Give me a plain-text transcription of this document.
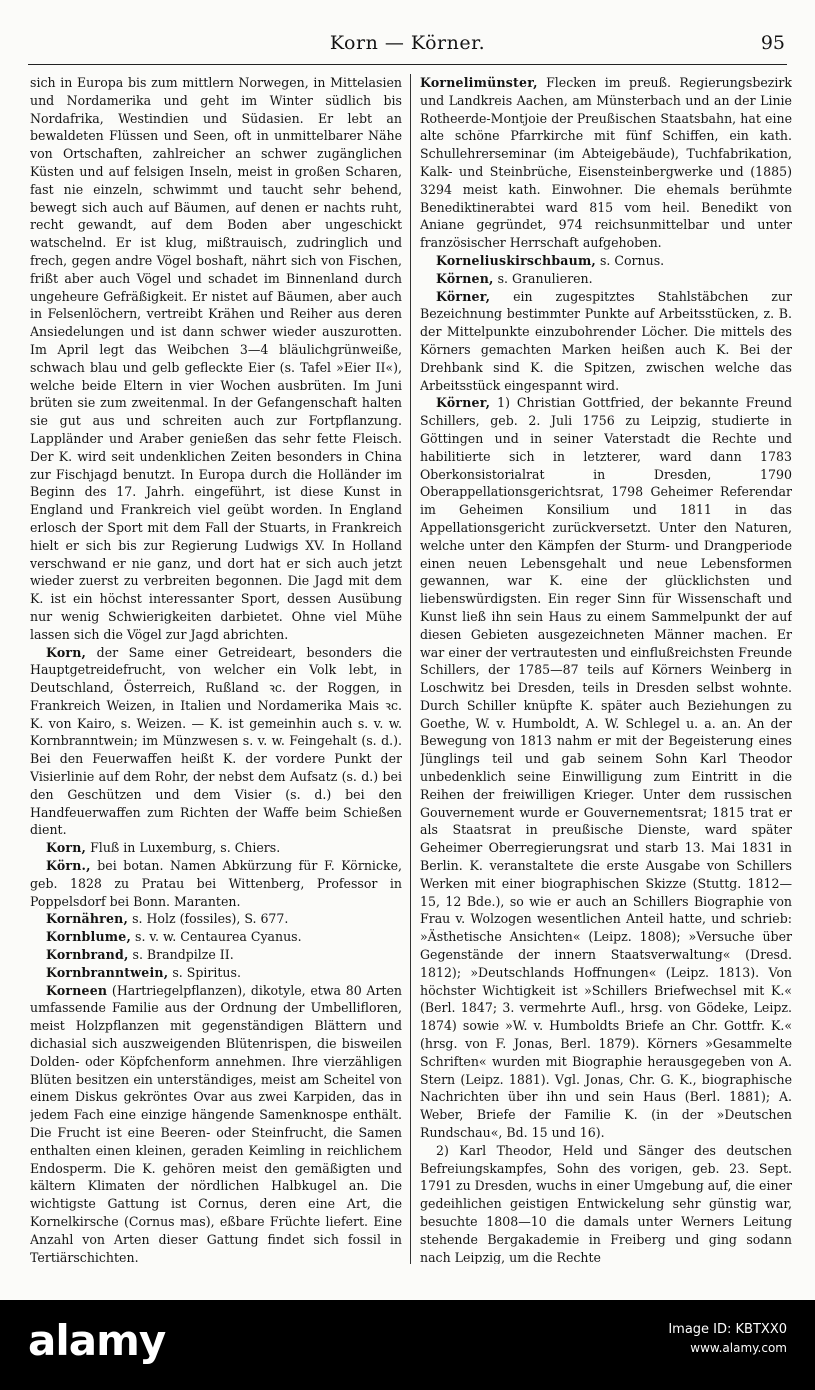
Korn — Körner.	95

sich in Europa bis zum mittlern Norwegen, in Mittelasien und Nordamerika und geht im Winter südlich bis Nordafrika, Westindien und Südasien. Er lebt an bewaldeten Flüssen und Seen, oft in unmittelbarer Nähe von Ortschaften, zahlreicher an schwer zugänglichen Küsten und auf felsigen Inseln, meist in großen Scharen, fast nie einzeln, schwimmt und taucht sehr behend, bewegt sich auch auf Bäumen, auf denen er nachts ruht, recht gewandt, auf dem Boden aber ungeschickt watschelnd. Er ist klug, mißtrauisch, zudringlich und frech, gegen andre Vögel boshaft, nährt sich von Fischen, frißt aber auch Vögel und schadet im Binnenland durch ungeheure Gefräßigkeit. Er nistet auf Bäumen, aber auch in Felsenlöchern, vertreibt Krähen und Reiher aus deren Ansiedelungen und ist dann schwer wieder auszurotten. Im April legt das Weibchen 3—4 bläulichgrünweiße, schwach blau und gelb gefleckte Eier (s. Tafel »Eier II«), welche beide Eltern in vier Wochen ausbrüten. Im Juni brüten sie zum zweitenmal. In der Gefangenschaft halten sie gut aus und schreiten auch zur Fortpflanzung. Lappländer und Araber genießen das sehr fette Fleisch. Der K. wird seit undenklichen Zeiten besonders in China zur Fischjagd benutzt. In Europa durch die Holländer im Beginn des 17. Jahrh. eingeführt, ist diese Kunst in England und Frankreich viel geübt worden. In England erlosch der Sport mit dem Fall der Stuarts, in Frankreich hielt er sich bis zur Regierung Ludwigs XV. In Holland verschwand er nie ganz, und dort hat er sich auch jetzt wieder zuerst zu verbreiten begonnen. Die Jagd mit dem K. ist ein höchst interessanter Sport, dessen Ausübung nur wenig Schwierigkeiten darbietet. Ohne viel Mühe lassen sich die Vögel zur Jagd abrichten.

Korn, der Same einer Getreideart, besonders die Hauptgetreidefrucht, von welcher ein Volk lebt, in Deutschland, Österreich, Rußland ꝛc. der Roggen, in Frankreich Weizen, in Italien und Nordamerika Mais ꝛc. K. von Kairo, s. Weizen. — K. ist gemeinhin auch s. v. w. Kornbranntwein; im Münzwesen s. v. w. Feingehalt (s. d.). Bei den Feuerwaffen heißt K. der vordere Punkt der Visierlinie auf dem Rohr, der nebst dem Aufsatz (s. d.) bei den Geschützen und dem Visier (s. d.) bei den Handfeuerwaffen zum Richten der Waffe beim Schießen dient.

Korn, Fluß in Luxemburg, s. Chiers.

Körn., bei botan. Namen Abkürzung für F. Körnicke, geb. 1828 zu Pratau bei Wittenberg, Professor in Poppelsdorf bei Bonn. Maranten.

Kornähren, s. Holz (fossiles), S. 677.

Kornblume, s. v. w. Centaurea Cyanus.

Kornbrand, s. Brandpilze II.

Kornbranntwein, s. Spiritus.

Korneen (Hartriegelpflanzen), dikotyle, etwa 80 Arten umfassende Familie aus der Ordnung der Umbellifloren, meist Holzpflanzen mit gegenständigen Blättern und dichasial sich auszweigenden Blütenrispen, die bisweilen Dolden- oder Köpfchenform annehmen. Ihre vierzähligen Blüten besitzen ein unterständiges, meist am Scheitel von einem Diskus gekröntes Ovar aus zwei Karpiden, das in jedem Fach eine einzige hängende Samenknospe enthält. Die Frucht ist eine Beeren- oder Steinfrucht, die Samen enthalten einen kleinen, geraden Keimling in reichlichem Endosperm. Die K. gehören meist den gemäßigten und kältern Klimaten der nördlichen Halbkugel an. Die wichtigste Gattung ist Cornus, deren eine Art, die Kornelkirsche (Cornus mas), eßbare Früchte liefert. Eine Anzahl von Arten dieser Gattung findet sich fossil in Tertiärschichten.

Kornelimünster, Flecken im preuß. Regierungsbezirk und Landkreis Aachen, am Münsterbach und an der Linie Rotheerde-Montjoie der Preußischen Staatsbahn, hat eine alte schöne Pfarrkirche mit fünf Schiffen, ein kath. Schullehrerseminar (im Abteigebäude), Tuchfabrikation, Kalk- und Steinbrüche, Eisensteinbergwerke und (1885) 3294 meist kath. Einwohner. Die ehemals berühmte Benediktinerabtei ward 815 vom heil. Benedikt von Aniane gegründet, 974 reichsunmittelbar und unter französischer Herrschaft aufgehoben.

Korneliuskirschbaum, s. Cornus.

Körnen, s. Granulieren.

Körner, ein zugespitztes Stahlstäbchen zur Bezeichnung bestimmter Punkte auf Arbeitsstücken, z. B. der Mittelpunkte einzubohrender Löcher. Die mittels des Körners gemachten Marken heißen auch K. Bei der Drehbank sind K. die Spitzen, zwischen welche das Arbeitsstück eingespannt wird.

Körner, 1) Christian Gottfried, der bekannte Freund Schillers, geb. 2. Juli 1756 zu Leipzig, studierte in Göttingen und in seiner Vaterstadt die Rechte und habilitierte sich in letzterer, ward dann 1783 Oberkonsistorialrat in Dresden, 1790 Oberappellationsgerichtsrat, 1798 Geheimer Referendar im Geheimen Konsilium und 1811 in das Appellationsgericht zurückversetzt. Unter den Naturen, welche unter den Kämpfen der Sturm- und Drangperiode einen neuen Lebensgehalt und neue Lebensformen gewannen, war K. eine der glücklichsten und liebenswürdigsten. Ein reger Sinn für Wissenschaft und Kunst ließ ihn sein Haus zu einem Sammelpunkt der auf diesen Gebieten ausgezeichneten Männer machen. Er war einer der vertrautesten und einflußreichsten Freunde Schillers, der 1785—87 teils auf Körners Weinberg in Loschwitz bei Dresden, teils in Dresden selbst wohnte. Durch Schiller knüpfte K. später auch Beziehungen zu Goethe, W. v. Humboldt, A. W. Schlegel u. a. an. An der Bewegung von 1813 nahm er mit der Begeisterung eines Jünglings teil und gab seinem Sohn Karl Theodor unbedenklich seine Einwilligung zum Eintritt in die Reihen der freiwilligen Krieger. Unter dem russischen Gouvernement wurde er Gouvernementsrat; 1815 trat er als Staatsrat in preußische Dienste, ward später Geheimer Oberregierungsrat und starb 13. Mai 1831 in Berlin. K. veranstaltete die erste Ausgabe von Schillers Werken mit einer biographischen Skizze (Stuttg. 1812—15, 12 Bde.), so wie er auch an Schillers Biographie von Frau v. Wolzogen wesentlichen Anteil hatte, und schrieb: »Ästhetische Ansichten« (Leipz. 1808); »Versuche über Gegenstände der innern Staatsverwaltung« (Dresd. 1812); »Deutschlands Hoffnungen« (Leipz. 1813). Von höchster Wichtigkeit ist »Schillers Briefwechsel mit K.« (Berl. 1847; 3. vermehrte Aufl., hrsg. von Gödeke, Leipz. 1874) sowie »W. v. Humboldts Briefe an Chr. Gottfr. K.« (hrsg. von F. Jonas, Berl. 1879). Körners »Gesammelte Schriften« wurden mit Biographie herausgegeben von A. Stern (Leipz. 1881). Vgl. Jonas, Chr. G. K., biographische Nachrichten über ihn und sein Haus (Berl. 1881); A. Weber, Briefe der Familie K. (in der »Deutschen Rundschau«, Bd. 15 und 16).

2) Karl Theodor, Held und Sänger des deutschen Befreiungskampfes, Sohn des vorigen, geb. 23. Sept. 1791 zu Dresden, wuchs in einer Umgebung auf, die einer gedeihlichen geistigen Entwickelung sehr günstig war, besuchte 1808—10 die damals unter Werners Leitung stehende Bergakademie in Freiberg und ging sodann nach Leipzig, um die Rechte

alamy	Image ID: KBTXX0
www.alamy.com
